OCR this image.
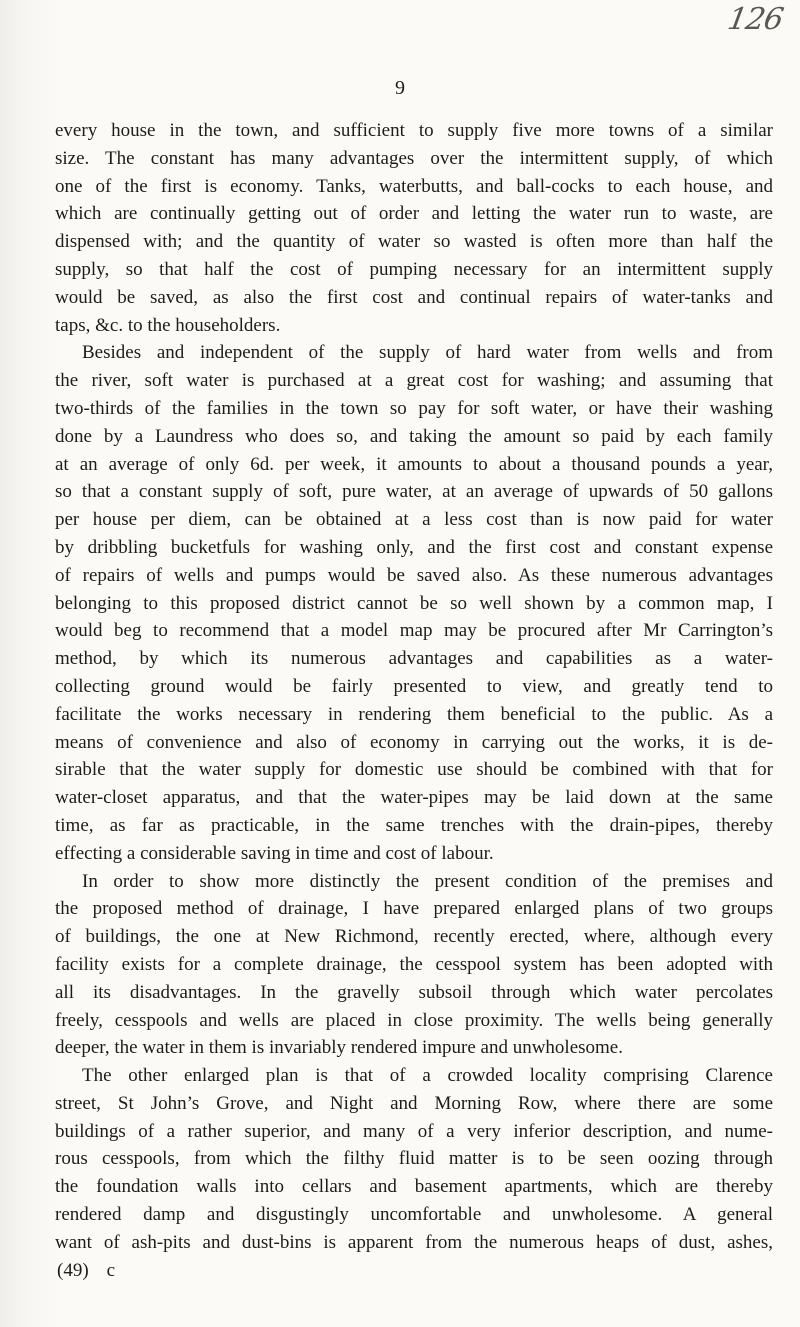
126
9
every house in the town, and sufficient to supply five more towns of a similar
size. The constant has many advantages over the intermittent supply, of which
one of the first is economy. Tanks, waterbutts, and ball-cocks to each house, and
which are continually getting out of order and letting the water run to waste, are
dispensed with; and the quantity of water so wasted is often more than half the
supply, so that half the cost of pumping necessary for an intermittent supply
would be saved, as also the first cost and continual repairs of water-tanks and
taps, &c. to the householders.
Besides and independent of the supply of hard water from wells and from
the river, soft water is purchased at a great cost for washing; and assuming that
two-thirds of the families in the town so pay for soft water, or have their washing
done by a Laundress who does so, and taking the amount so paid by each family
at an average of only 6d. per week, it amounts to about a thousand pounds a year,
so that a constant supply of soft, pure water, at an average of upwards of 50 gallons
per house per diem, can be obtained at a less cost than is now paid for water
by dribbling bucketfuls for washing only, and the first cost and constant expense
of repairs of wells and pumps would be saved also. As these numerous advantages
belonging to this proposed district cannot be so well shown by a common map, I
would beg to recommend that a model map may be procured after Mr Carrington’s
method, by which its numerous advantages and capabilities as a water-
collecting ground would be fairly presented to view, and greatly tend to
facilitate the works necessary in rendering them beneficial to the public. As a
means of convenience and also of economy in carrying out the works, it is de-
sirable that the water supply for domestic use should be combined with that for
water-closet apparatus, and that the water-pipes may be laid down at the same
time, as far as practicable, in the same trenches with the drain-pipes, thereby
effecting a considerable saving in time and cost of labour.
In order to show more distinctly the present condition of the premises and
the proposed method of drainage, I have prepared enlarged plans of two groups
of buildings, the one at New Richmond, recently erected, where, although every
facility exists for a complete drainage, the cesspool system has been adopted with
all its disadvantages. In the gravelly subsoil through which water percolates
freely, cesspools and wells are placed in close proximity. The wells being generally
deeper, the water in them is invariably rendered impure and unwholesome.
The other enlarged plan is that of a crowded locality comprising Clarence
street, St John’s Grove, and Night and Morning Row, where there are some
buildings of a rather superior, and many of a very inferior description, and nume-
rous cesspools, from which the filthy fluid matter is to be seen oozing through
the foundation walls into cellars and basement apartments, which are thereby
rendered damp and disgustingly uncomfortable and unwholesome. A general
want of ash-pits and dust-bins is apparent from the numerous heaps of dust, ashes,
(49) c
